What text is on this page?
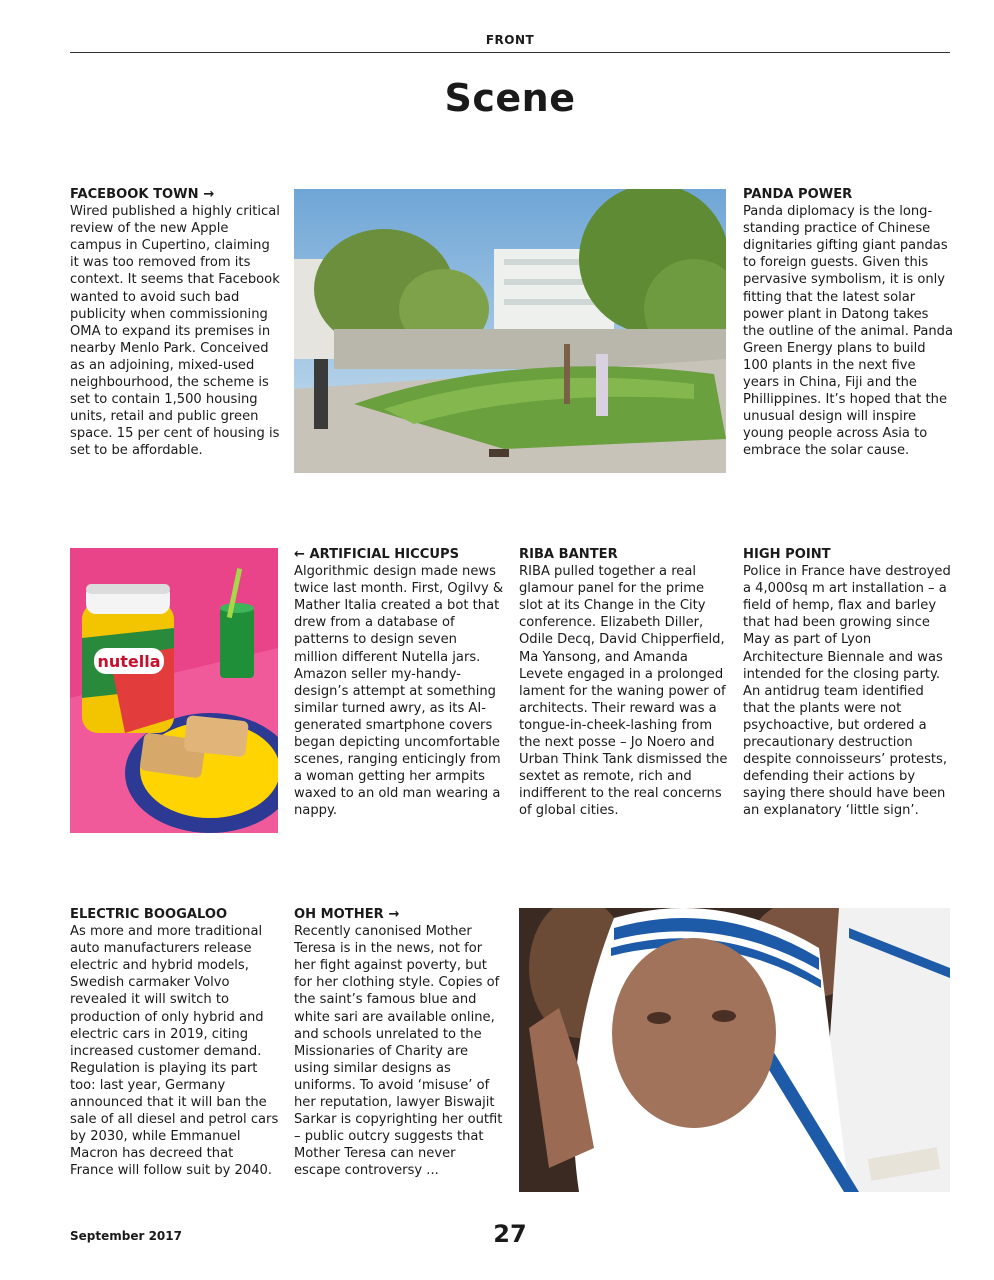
FRONT
Scene
FACEBOOK TOWN →

Wired published a highly critical review of the new Apple campus in Cupertino, claiming it was too removed from its context. It seems that Facebook wanted to avoid such bad publicity when commissioning OMA to expand its premises in nearby Menlo Park. Conceived as an adjoining, mixed-used neighbourhood, the scheme is set to contain 1,500 housing units, retail and public green space. 15 per cent of housing is set to be affordable.

PANDA POWER

Panda diplomacy is the long-standing practice of Chinese dignitaries gifting giant pandas to foreign guests. Given this pervasive symbolism, it is only fitting that the latest solar power plant in Datong takes the outline of the animal. Panda Green Energy plans to build 100 plants in the next five years in China, Fiji and the Phillippines. It’s hoped that the unusual design will inspire young people across Asia to embrace the solar cause.

nutella
← ARTIFICIAL HICCUPS

Algorithmic design made news twice last month. First, Ogilvy & Mather Italia created a bot that drew from a database of patterns to design seven million different Nutella jars. Amazon seller my-handy-design’s attempt at something similar turned awry, as its AI-generated smartphone covers began depicting uncomfortable scenes, ranging enticingly from a woman getting her armpits waxed to an old man wearing a nappy.

RIBA BANTER

RIBA pulled together a real glamour panel for the prime slot at its Change in the City conference. Elizabeth Diller, Odile Decq, David Chipperfield, Ma Yansong, and Amanda Levete engaged in a prolonged lament for the waning power of architects. Their reward was a tongue-in-cheek-lashing from the next posse – Jo Noero and Urban Think Tank dismissed the sextet as remote, rich and indifferent to the real concerns of global cities.

HIGH POINT

Police in France have destroyed a 4,000sq m art installation – a field of hemp, flax and barley that had been growing since May as part of Lyon Architecture Biennale and was intended for the closing party. An antidrug team identified that the plants were not psychoactive, but ordered a precautionary destruction despite connoisseurs’ protests, defending their actions by saying there should have been an explanatory ‘little sign’.

ELECTRIC BOOGALOO

As more and more traditional auto manufacturers release electric and hybrid models, Swedish carmaker Volvo revealed it will switch to production of only hybrid and electric cars in 2019, citing increased customer demand. Regulation is playing its part too: last year, Germany announced that it will ban the sale of all diesel and petrol cars by 2030, while Emmanuel Macron has decreed that France will follow suit by 2040.

OH MOTHER →

Recently canonised Mother Teresa is in the news, not for her fight against poverty, but for her clothing style. Copies of the saint’s famous blue and white sari are available online, and schools unrelated to the Missionaries of Charity are using similar designs as uniforms. To avoid ‘misuse’ of her reputation, lawyer Biswajit Sarkar is copyrighting her outfit – public outcry suggests that Mother Teresa can never escape controversy ...

September 2017	27
